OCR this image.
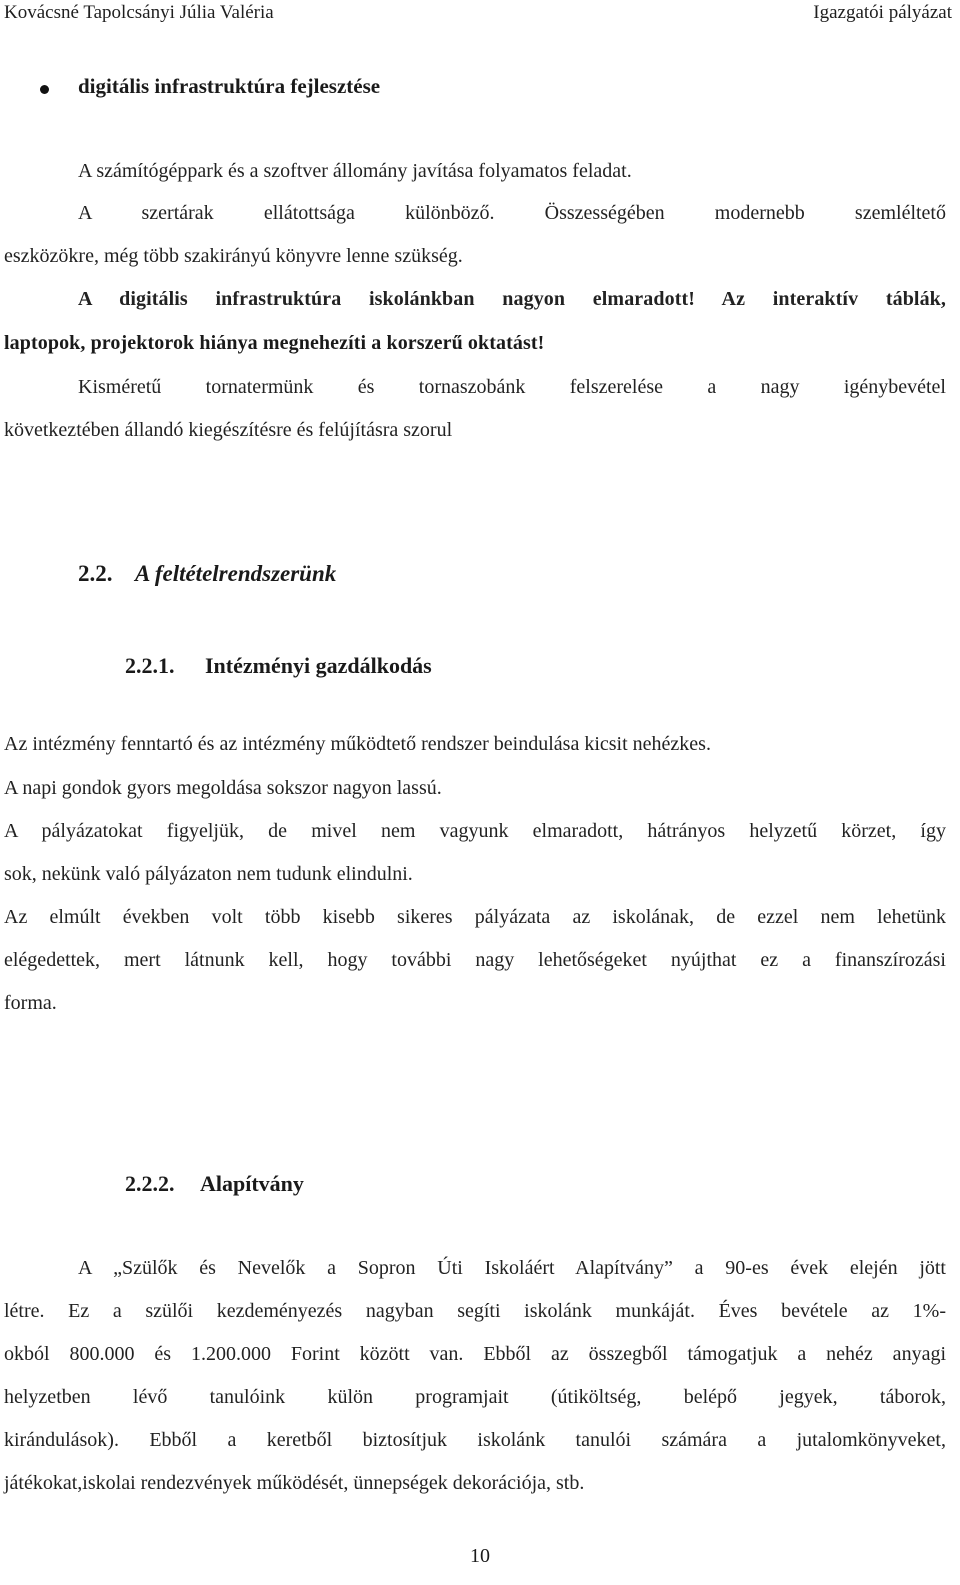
Kovácsné Tapolcsányi Júlia Valéria	Igazgatói pályázat
digitális infrastruktúra fejlesztése
A számítógéppark és a szoftver állomány javítása folyamatos feladat.
A szertárak ellátottsága különböző. Összességében modernebb szemléltető
eszközökre, még több szakirányú könyvre lenne szükség.
A digitális infrastruktúra iskolánkban nagyon elmaradott! Az interaktív táblák,
laptopok, projektorok hiánya megnehezíti a korszerű oktatást!
Kisméretű tornatermünk és tornaszobánk felszerelése a nagy igénybevétel
következtében állandó kiegészítésre és felújításra szorul
2.2. A feltételrendszerünk
2.2.1. Intézményi gazdálkodás
Az intézmény fenntartó és az intézmény működtető rendszer beindulása kicsit nehézkes.
A napi gondok gyors megoldása sokszor nagyon lassú.
A pályázatokat figyeljük, de mivel nem vagyunk elmaradott, hátrányos helyzetű körzet, így
sok, nekünk való pályázaton nem tudunk elindulni.
Az elmúlt években volt több kisebb sikeres pályázata az iskolának, de ezzel nem lehetünk
elégedettek, mert látnunk kell, hogy további nagy lehetőségeket nyújthat ez a finanszírozási
forma.
2.2.2. Alapítvány
A „Szülők és Nevelők a Sopron Úti Iskoláért Alapítvány” a 90-es évek elején jött
létre. Ez a szülői kezdeményezés nagyban segíti iskolánk munkáját. Éves bevétele az 1%-
okból 800.000 és 1.200.000 Forint között van. Ebből az összegből támogatjuk a nehéz anyagi
helyzetben lévő tanulóink külön programjait (útiköltség, belépő jegyek, táborok,
kirándulások). Ebből a keretből biztosítjuk iskolánk tanulói számára a jutalomkönyveket,
játékokat,iskolai rendezvények működését, ünnepségek dekorációja, stb.
10
